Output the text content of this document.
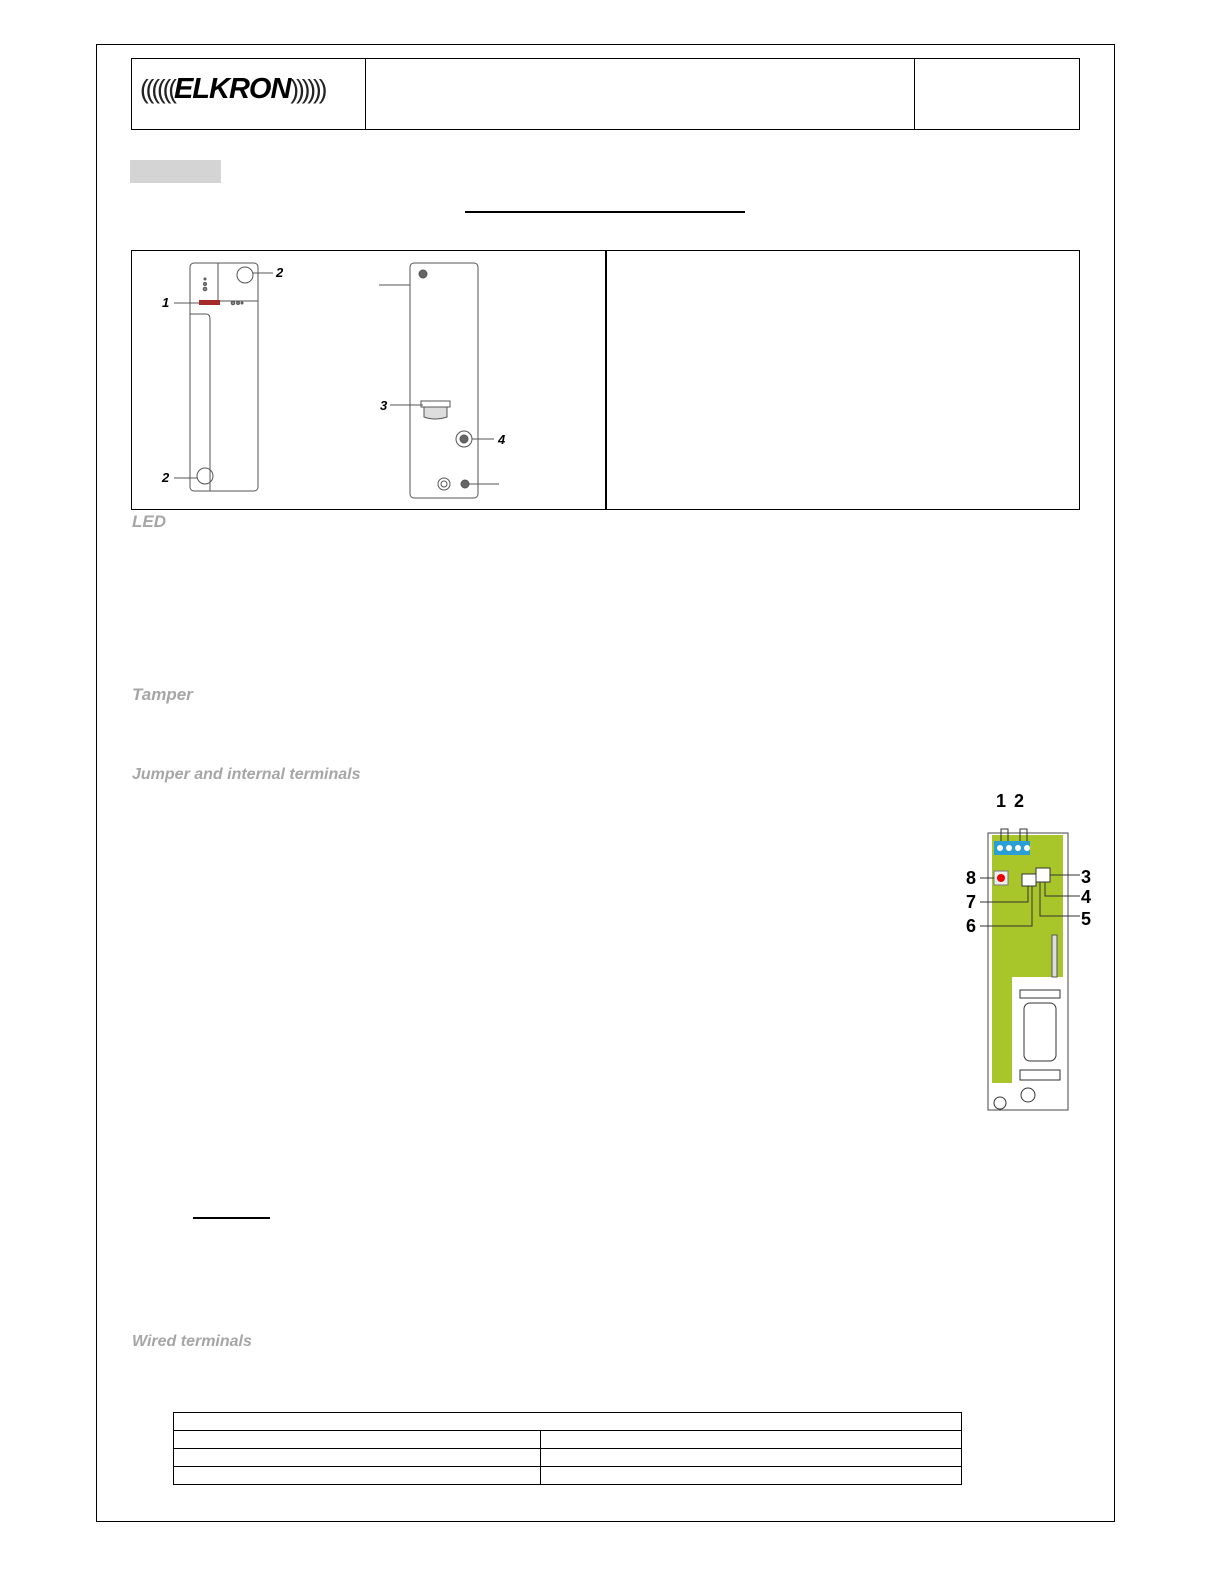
(((((( ELKRON ))))))
1
2
2
3
4
LED
Tamper
Jumper and internal terminals
1 2
3
4
5
6
7
8
Wired terminals
